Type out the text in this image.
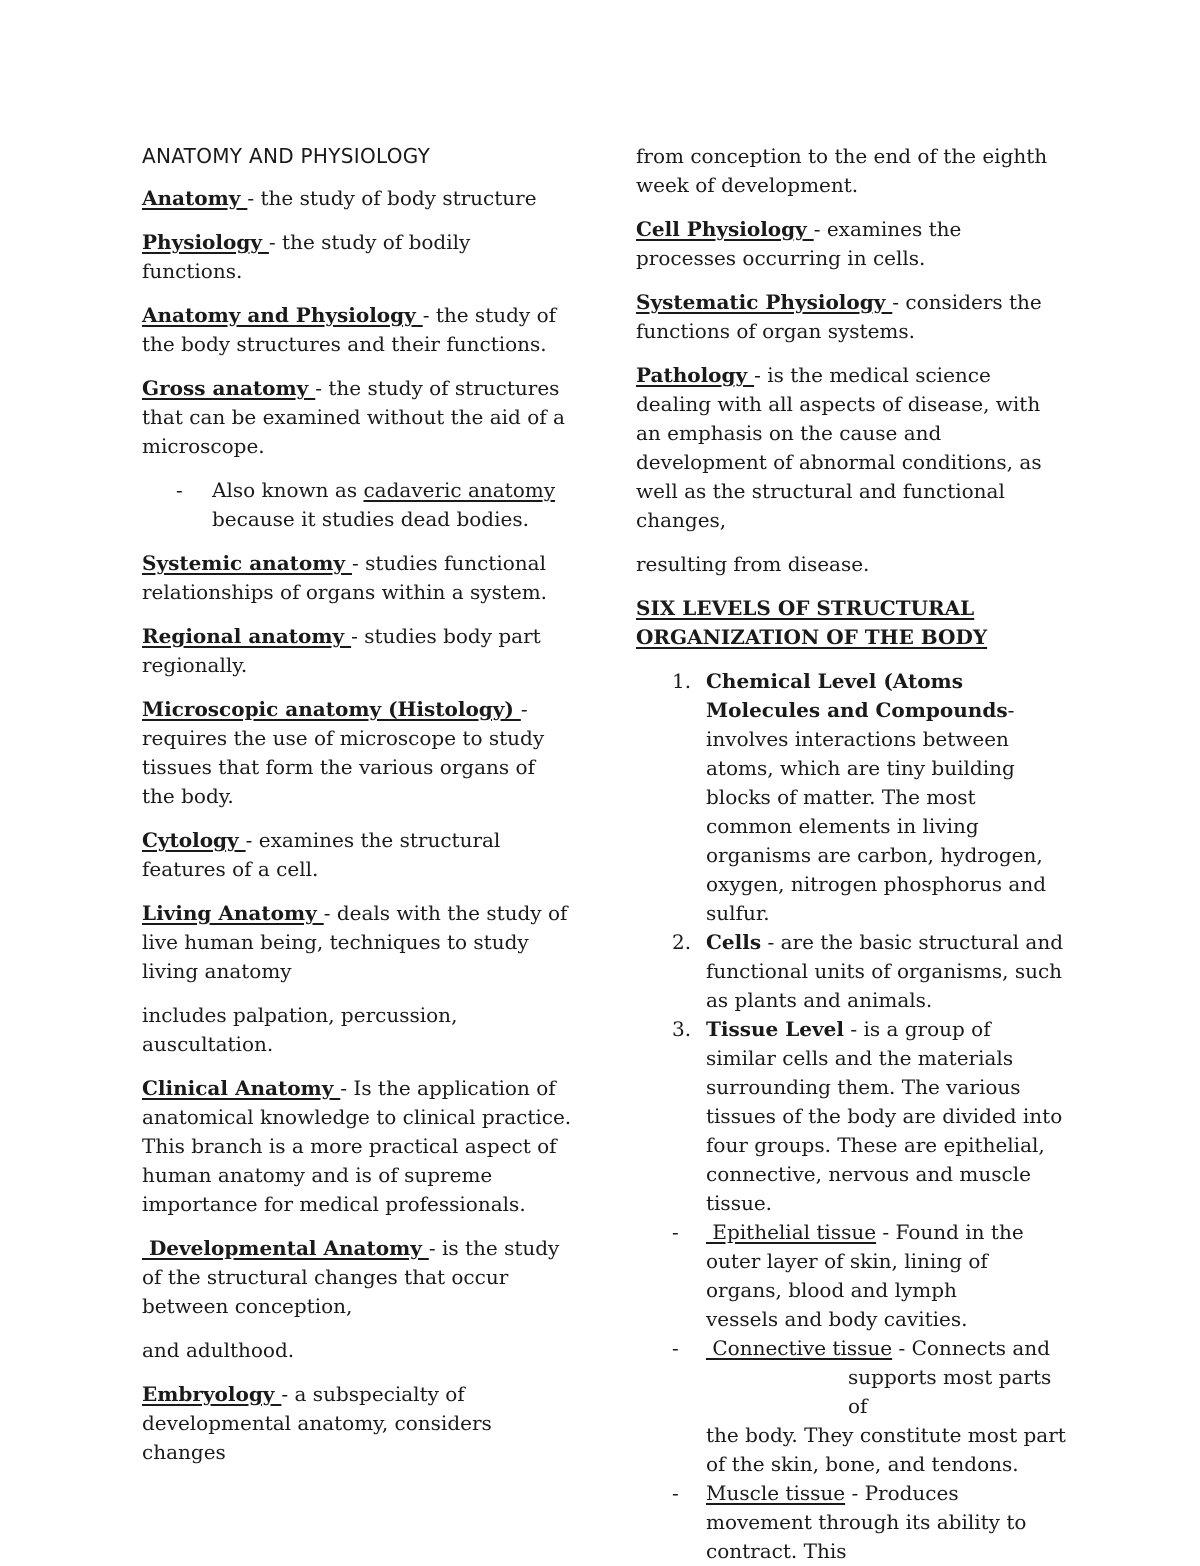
ANATOMY AND PHYSIOLOGY

Anatomy - the study of body structure

Physiology - the study of bodily functions.

Anatomy and Physiology - the study of the body structures and their functions.

Gross anatomy - the study of structures that can be examined without the aid of a microscope.

- Also known as cadaveric anatomy because it studies dead bodies.

Systemic anatomy - studies functional relationships of organs within a system.

Regional anatomy - studies body part regionally.

Microscopic anatomy (Histology) - requires the use of microscope to study tissues that form the various organs of the body.

Cytology - examines the structural features of a cell.

Living Anatomy - deals with the study of live human being, techniques to study living anatomy

includes palpation, percussion, auscultation.

Clinical Anatomy - Is the application of anatomical knowledge to clinical practice. This branch is a more practical aspect of human anatomy and is of supreme importance for medical professionals.

Developmental Anatomy - is the study of the structural changes that occur between conception,

and adulthood.

Embryology - a subspecialty of developmental anatomy, considers changes

from conception to the end of the eighth week of development.

Cell Physiology - examines the processes occurring in cells.

Systematic Physiology - considers the functions of organ systems.

Pathology - is the medical science dealing with all aspects of disease, with an emphasis on the cause and development of abnormal conditions, as well as the structural and functional changes,

resulting from disease.

SIX LEVELS OF STRUCTURAL ORGANIZATION OF THE BODY

1. Chemical Level (Atoms Molecules and Compounds- involves interactions between atoms, which are tiny building blocks of matter. The most common elements in living organisms are carbon, hydrogen, oxygen, nitrogen phosphorus and sulfur.
2. Cells - are the basic structural and functional units of organisms, such as plants and animals.
3. Tissue Level - is a group of similar cells and the materials surrounding them. The various tissues of the body are divided into four groups. These are epithelial, connective, nervous and muscle tissue.
- Epithelial tissue - Found in the outer layer of skin, lining of organs, blood and lymph
vessels and body cavities.
- Connective tissue - Connects and
supports most parts of
the body. They constitute most part of the skin, bone, and tendons.
- Muscle tissue - Produces movement through its ability to contract. This
